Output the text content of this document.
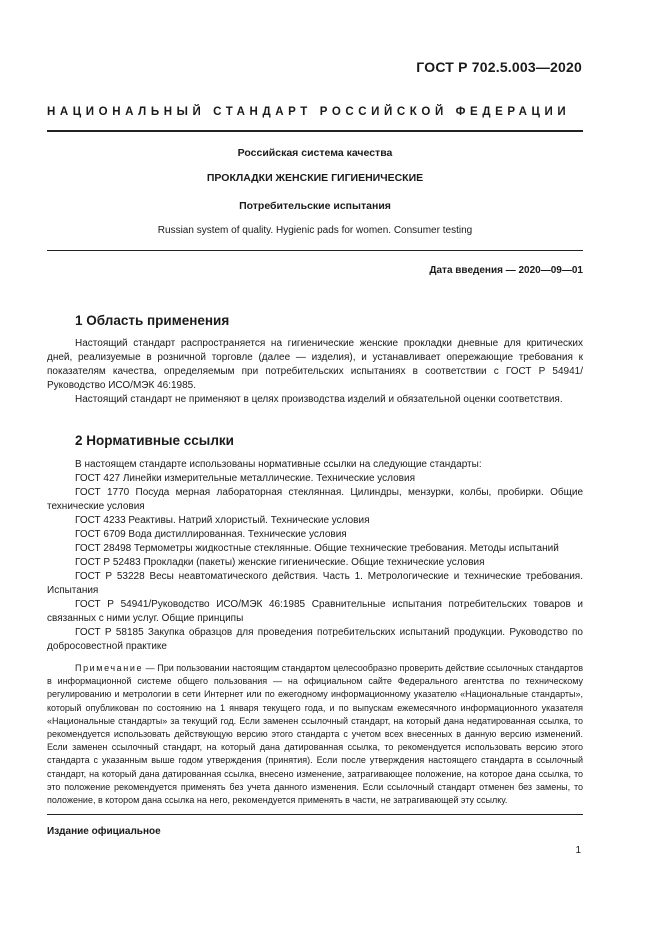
ГОСТ Р 702.5.003—2020
НАЦИОНАЛЬНЫЙ СТАНДАРТ РОССИЙСКОЙ ФЕДЕРАЦИИ
Российская система качества
ПРОКЛАДКИ ЖЕНСКИЕ ГИГИЕНИЧЕСКИЕ
Потребительские испытания
Russian system of quality. Hygienic pads for women. Consumer testing
Дата введения — 2020—09—01
1 Область применения

Настоящий стандарт распространяется на гигиенические женские прокладки дневные для критических дней, реализуемые в розничной торговле (далее — изделия), и устанавливает опережающие требования к показателям качества, определяемым при потребительских испытаниях в соответствии с ГОСТ Р 54941/Руководство ИСО/МЭК 46:1985.

Настоящий стандарт не применяют в целях производства изделий и обязательной оценки соответствия.

2 Нормативные ссылки

В настоящем стандарте использованы нормативные ссылки на следующие стандарты:

ГОСТ 427 Линейки измерительные металлические. Технические условия

ГОСТ 1770 Посуда мерная лабораторная стеклянная. Цилиндры, мензурки, колбы, пробирки. Общие технические условия

ГОСТ 4233 Реактивы. Натрий хлористый. Технические условия

ГОСТ 6709 Вода дистиллированная. Технические условия

ГОСТ 28498 Термометры жидкостные стеклянные. Общие технические требования. Методы испытаний

ГОСТ Р 52483 Прокладки (пакеты) женские гигиенические. Общие технические условия

ГОСТ Р 53228 Весы неавтоматического действия. Часть 1. Метрологические и технические требования. Испытания

ГОСТ Р 54941/Руководство ИСО/МЭК 46:1985 Сравнительные испытания потребительских товаров и связанных с ними услуг. Общие принципы

ГОСТ Р 58185 Закупка образцов для проведения потребительских испытаний продукции. Руководство по добросовестной практике

Примечание — При пользовании настоящим стандартом целесообразно проверить действие ссылочных стандартов в информационной системе общего пользования — на официальном сайте Федерального агентства по техническому регулированию и метрологии в сети Интернет или по ежегодному информационному указателю «Национальные стандарты», который опубликован по состоянию на 1 января текущего года, и по выпускам ежемесячного информационного указателя «Национальные стандарты» за текущий год. Если заменен ссылочный стандарт, на который дана недатированная ссылка, то рекомендуется использовать действующую версию этого стандарта с учетом всех внесенных в данную версию изменений. Если заменен ссылочный стандарт, на который дана датированная ссылка, то рекомендуется использовать версию этого стандарта с указанным выше годом утверждения (принятия). Если после утверждения настоящего стандарта в ссылочный стандарт, на который дана датированная ссылка, внесено изменение, затрагивающее положение, на которое дана ссылка, то это положение рекомендуется применять без учета данного изменения. Если ссылочный стандарт отменен без замены, то положение, в котором дана ссылка на него, рекомендуется применять в части, не затрагивающей эту ссылку.

Издание официальное
1
